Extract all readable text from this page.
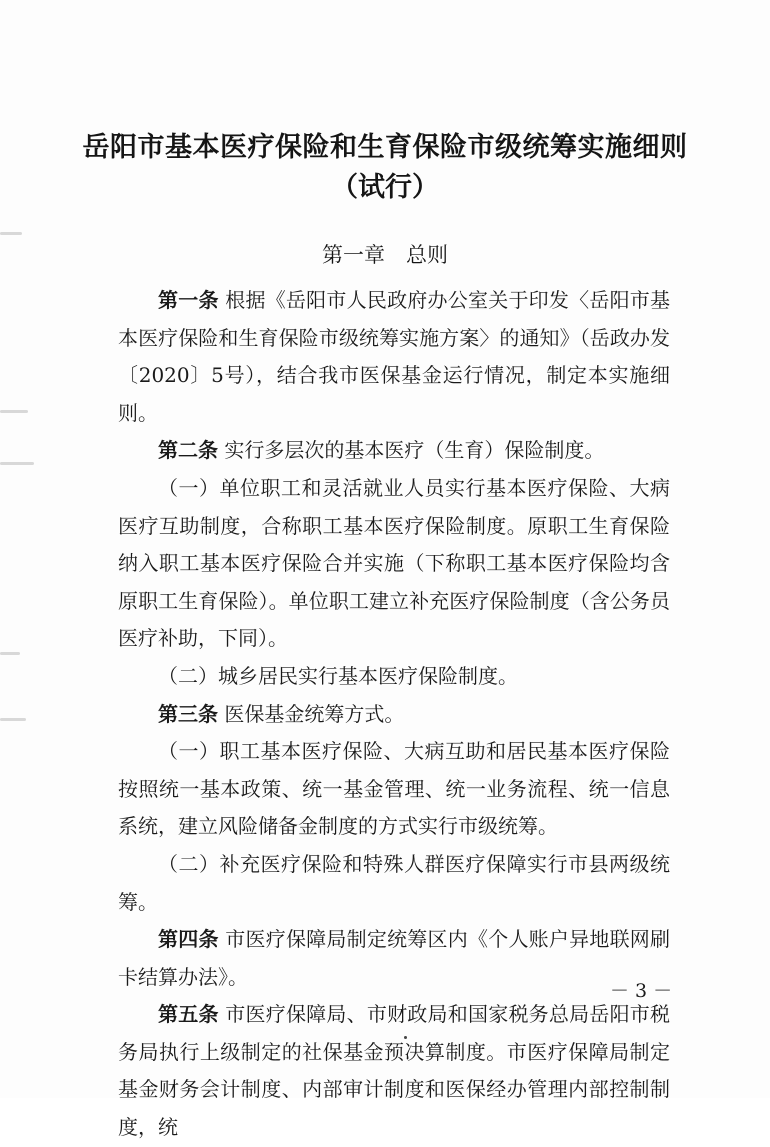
岳阳市基本医疗保险和生育保险市级统筹实施细则
（试行）
第一章　总则

第一条 根据《岳阳市人民政府办公室关于印发〈岳阳市基本医疗保险和生育保险市级统筹实施方案〉的通知》（岳政办发〔2020〕5号），结合我市医保基金运行情况，制定本实施细则。

第二条 实行多层次的基本医疗（生育）保险制度。

（一）单位职工和灵活就业人员实行基本医疗保险、大病医疗互助制度，合称职工基本医疗保险制度。原职工生育保险纳入职工基本医疗保险合并实施（下称职工基本医疗保险均含原职工生育保险）。单位职工建立补充医疗保险制度（含公务员医疗补助，下同）。

（二）城乡居民实行基本医疗保险制度。

第三条 医保基金统筹方式。

（一）职工基本医疗保险、大病互助和居民基本医疗保险按照统一基本政策、统一基金管理、统一业务流程、统一信息系统，建立风险储备金制度的方式实行市级统筹。

（二）补充医疗保险和特殊人群医疗保障实行市县两级统筹。

第四条 市医疗保障局制定统筹区内《个人账户异地联网刷卡结算办法》。

第五条 市医疗保障局、市财政局和国家税务总局岳阳市税务局执行上级制定的社保基金预决算制度。市医疗保障局制定基金财务会计制度、内部审计制度和医保经办管理内部控制制度，统

－ 3 －
